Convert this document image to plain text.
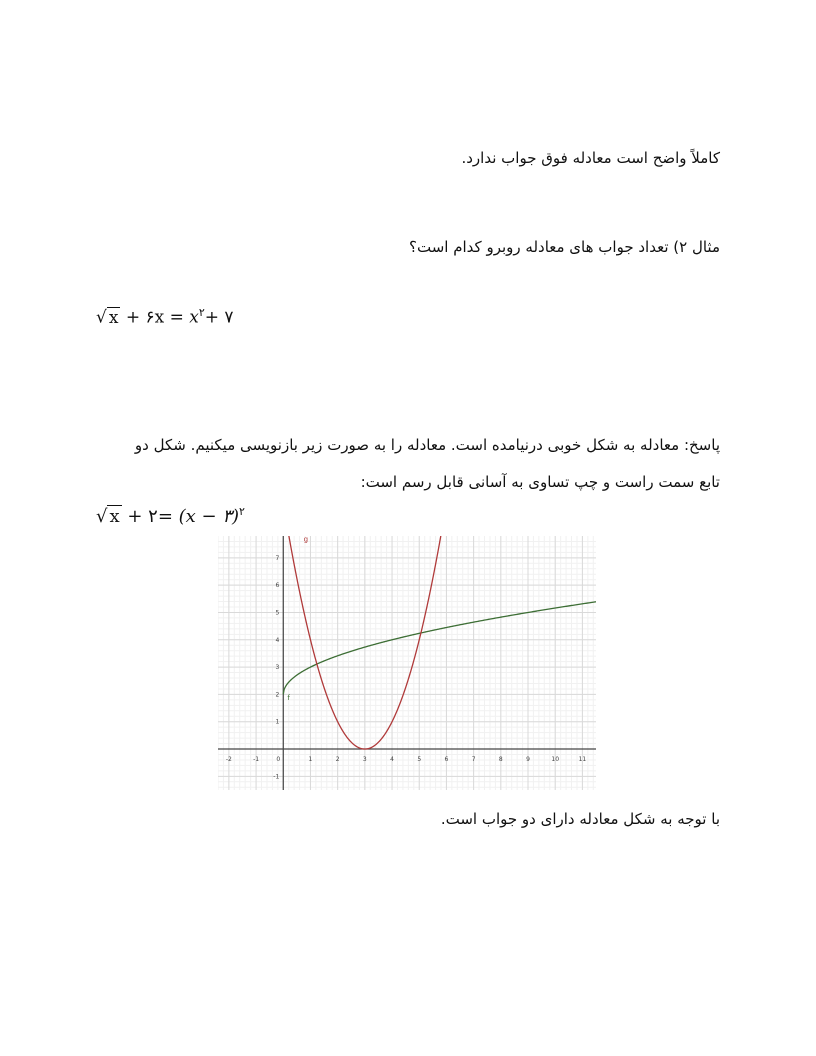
کاملاً واضح است معادله فوق جواب ندارد.
مثال ۲) تعداد جواب های معادله روبرو کدام است؟
√ x + ۶x = $x^۲+$ ۷
پاسخ: معادله به شکل خوبی درنیامده است. معادله را به صورت زیر بازنویسی میکنیم. شکل دو
تابع سمت راست و چپ تساوی به آسانی قابل رسم است:
√ x + ۲= (x − ۳)$^۲$
-2	-1	0	1	2	3	4	5	6	7	8	9	10	11
-1
1
2
3
4
5
6
7
f
g
با توجه به شکل معادله دارای دو جواب است.
